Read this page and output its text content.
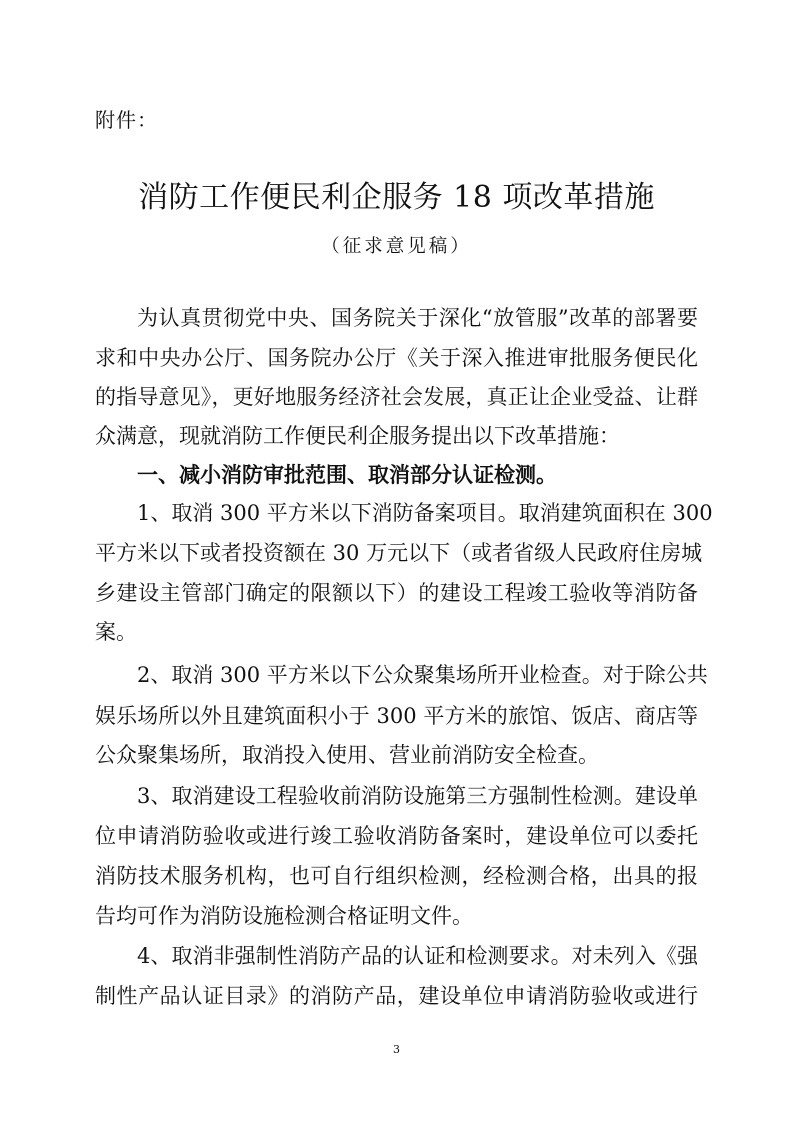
附件：
消防工作便民利企服务 18 项改革措施
（征求意见稿）
为认真贯彻党中央、国务院关于深化“放管服”改革的部署要
求和中央办公厅、国务院办公厅《关于深入推进审批服务便民化
的指导意见》，更好地服务经济社会发展，真正让企业受益、让群
众满意，现就消防工作便民利企服务提出以下改革措施：
一、减小消防审批范围、取消部分认证检测。
1、取消 300 平方米以下消防备案项目。取消建筑面积在 300
平方米以下或者投资额在 30 万元以下（或者省级人民政府住房城
乡建设主管部门确定的限额以下）的建设工程竣工验收等消防备
案。
2、取消 300 平方米以下公众聚集场所开业检查。对于除公共
娱乐场所以外且建筑面积小于 300 平方米的旅馆、饭店、商店等
公众聚集场所，取消投入使用、营业前消防安全检查。
3、取消建设工程验收前消防设施第三方强制性检测。建设单
位申请消防验收或进行竣工验收消防备案时，建设单位可以委托
消防技术服务机构，也可自行组织检测，经检测合格，出具的报
告均可作为消防设施检测合格证明文件。
4、取消非强制性消防产品的认证和检测要求。对未列入《强
制性产品认证目录》的消防产品，建设单位申请消防验收或进行
3
